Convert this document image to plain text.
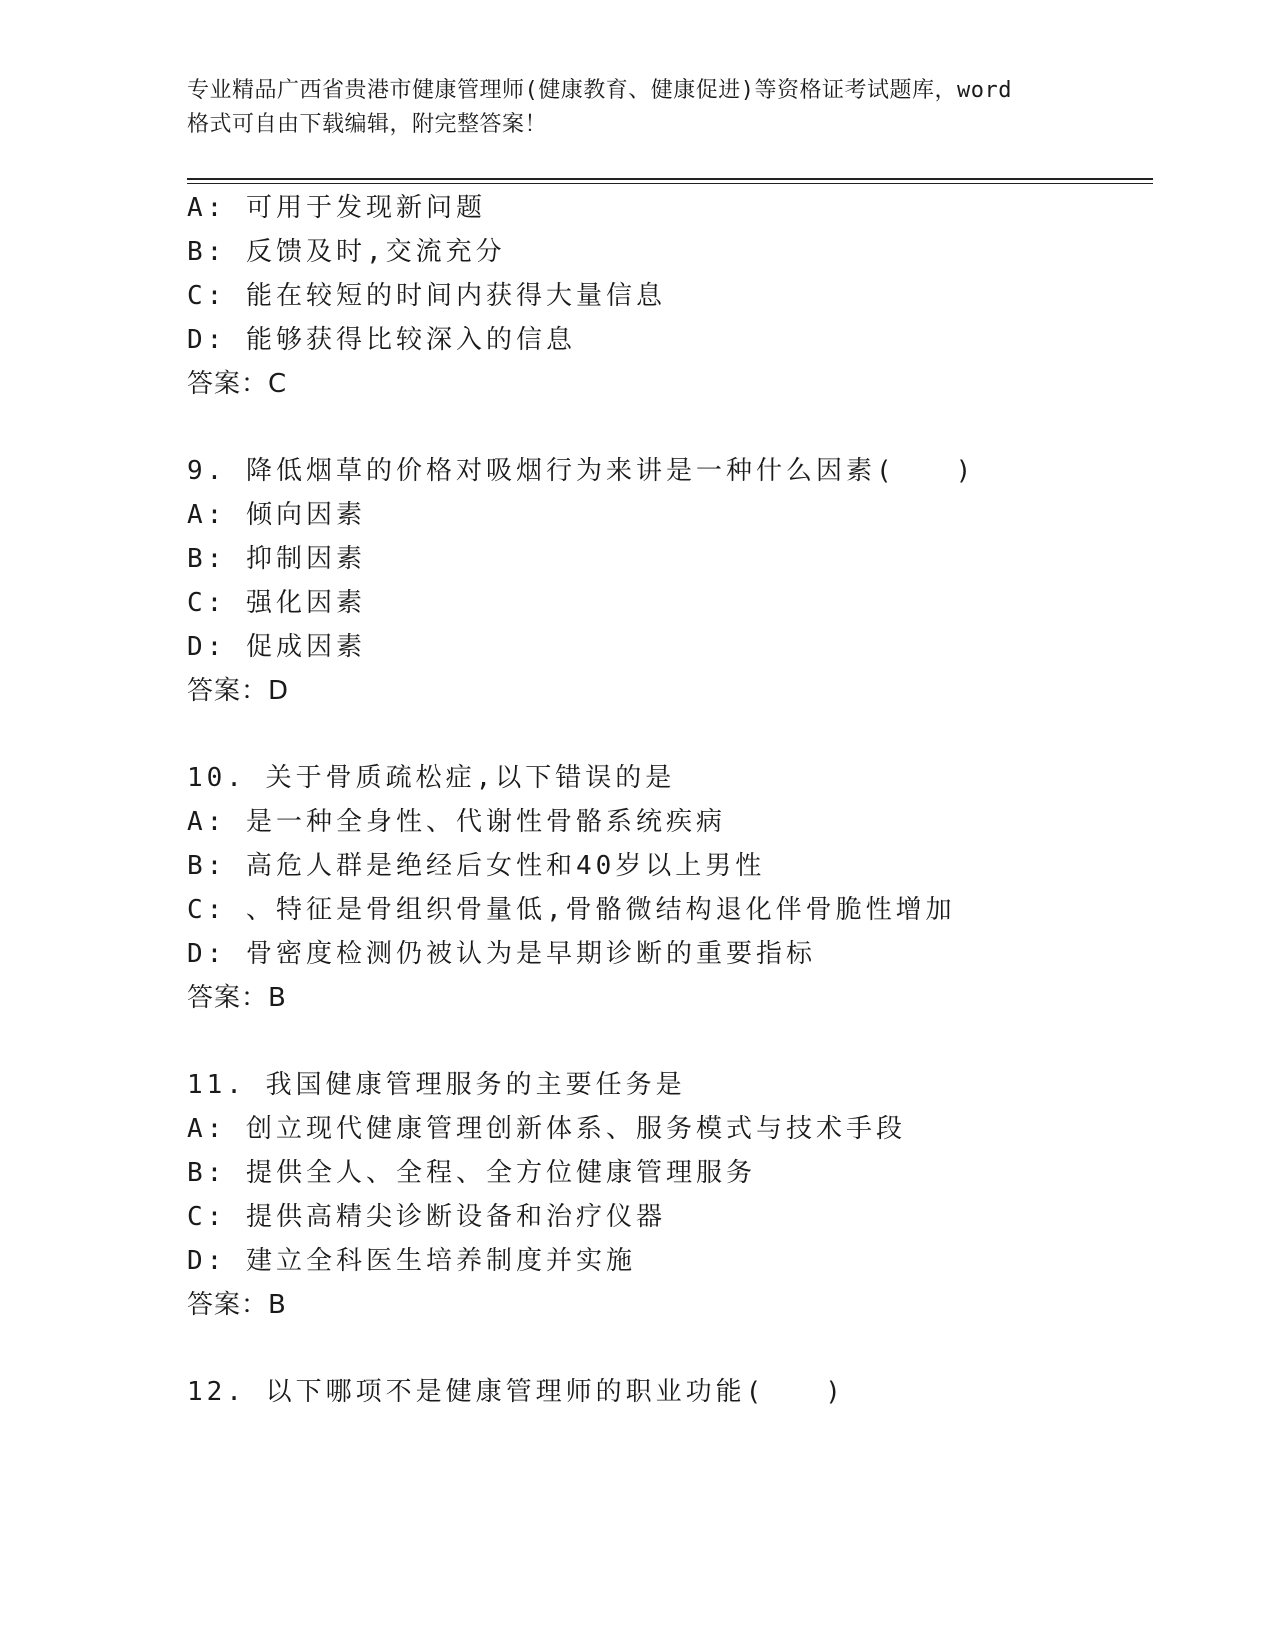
专业精品广西省贵港市健康管理师(健康教育、健康促进)等资格证考试题库，word
格式可自由下载编辑，附完整答案！
A: 可用于发现新问题
B: 反馈及时,交流充分
C: 能在较短的时间内获得大量信息
D: 能够获得比较深入的信息
答案：C
9. 降低烟草的价格对吸烟行为来讲是一种什么因素(　　)
A: 倾向因素
B: 抑制因素
C: 强化因素
D: 促成因素
答案：D
10. 关于骨质疏松症,以下错误的是
A: 是一种全身性、代谢性骨骼系统疾病
B: 高危人群是绝经后女性和40岁以上男性
C: 、特征是骨组织骨量低,骨骼微结构退化伴骨脆性增加
D: 骨密度检测仍被认为是早期诊断的重要指标
答案：B
11. 我国健康管理服务的主要任务是
A: 创立现代健康管理创新体系、服务模式与技术手段
B: 提供全人、全程、全方位健康管理服务
C: 提供高精尖诊断设备和治疗仪器
D: 建立全科医生培养制度并实施
答案：B
12. 以下哪项不是健康管理师的职业功能(　　)
